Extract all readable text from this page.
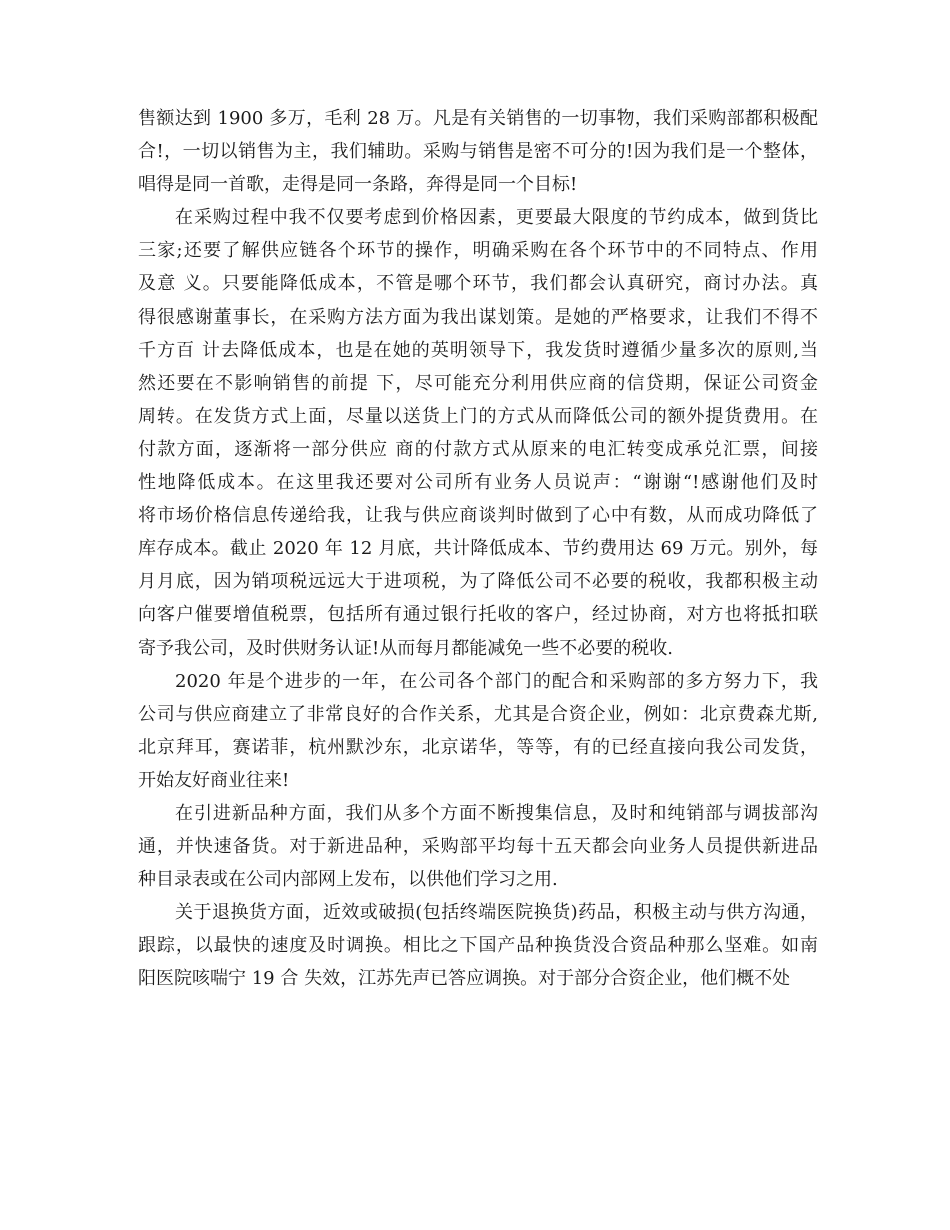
售额达到 1900 多万，毛利 28 万。凡是有关销售的一切事物，我们采购部都积极配
合!，一切以销售为主，我们辅助。采购与销售是密不可分的!因为我们是一个整体，
唱得是同一首歌，走得是同一条路，奔得是同一个目标!
在采购过程中我不仅要考虑到价格因素，更要最大限度的节约成本，做到货比
三家;还要了解供应链各个环节的操作，明确采购在各个环节中的不同特点、作用
及意 义。只要能降低成本，不管是哪个环节，我们都会认真研究，商讨办法。真
得很感谢董事长，在采购方法方面为我出谋划策。是她的严格要求，让我们不得不
千方百 计去降低成本，也是在她的英明领导下，我发货时遵循少量多次的原则,当
然还要在不影响销售的前提 下，尽可能充分利用供应商的信贷期，保证公司资金
周转。在发货方式上面，尽量以送货上门的方式从而降低公司的额外提货费用。在
付款方面，逐渐将一部分供应 商的付款方式从原来的电汇转变成承兑汇票，间接
性地降低成本。在这里我还要对公司所有业务人员说声：“谢谢“!感谢他们及时
将市场价格信息传递给我，让我与供应商谈判时做到了心中有数，从而成功降低了
库存成本。截止 2020 年 12 月底，共计降低成本、节约费用达 69 万元。别外，每
月月底，因为销项税远远大于进项税，为了降低公司不必要的税收，我都积极主动
向客户催要增值税票，包括所有通过银行托收的客户，经过协商，对方也将抵扣联
寄予我公司，及时供财务认证!从而每月都能减免一些不必要的税收.
2020 年是个进步的一年，在公司各个部门的配合和采购部的多方努力下，我
公司与供应商建立了非常良好的合作关系，尤其是合资企业，例如：北京费森尤斯,
北京拜耳，赛诺菲，杭州默沙东，北京诺华，等等，有的已经直接向我公司发货，
开始友好商业往来!
在引进新品种方面，我们从多个方面不断搜集信息，及时和纯销部与调拔部沟
通，并快速备货。对于新进品种，采购部平均每十五天都会向业务人员提供新进品
种目录表或在公司内部网上发布，以供他们学习之用.
关于退换货方面，近效或破损(包括终端医院换货)药品，积极主动与供方沟通，
跟踪，以最快的速度及时调换。相比之下国产品种换货没合资品种那么坚难。如南
阳医院咳喘宁 19 合 失效，江苏先声已答应调换。对于部分合资企业，他们概不处
